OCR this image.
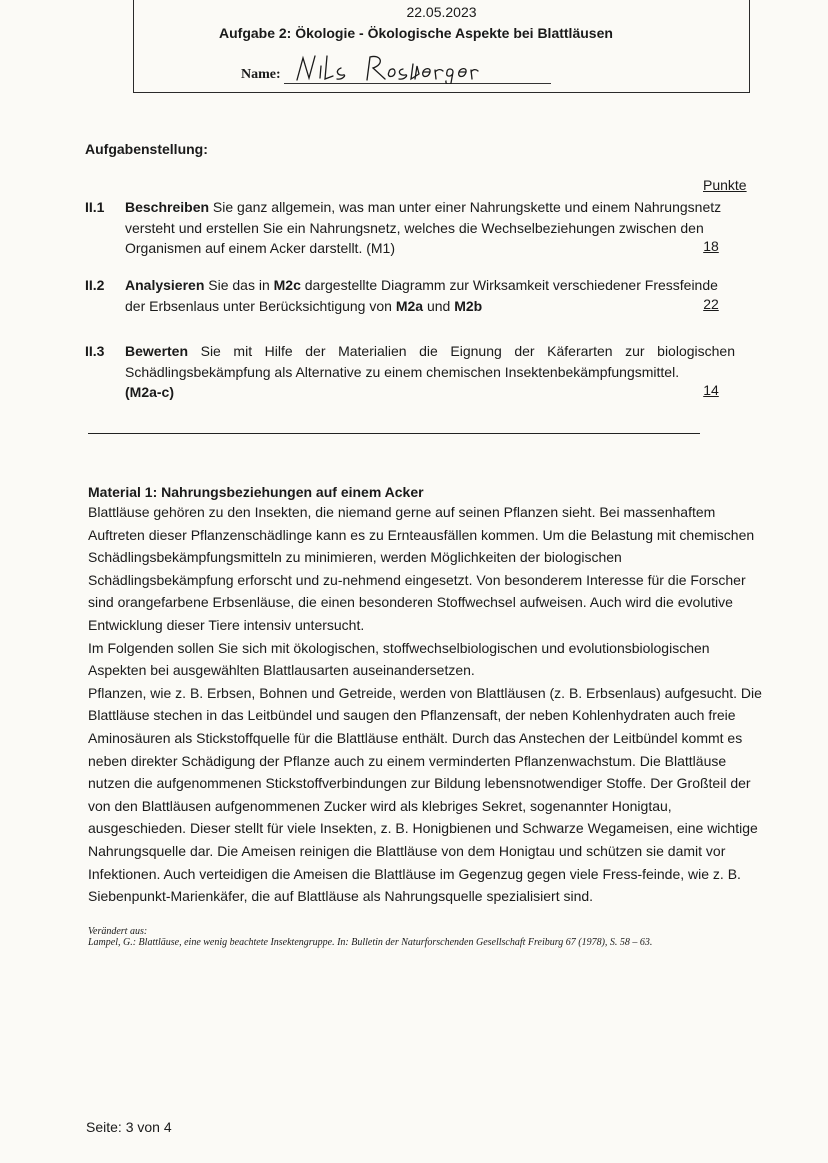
22.05.2023
Aufgabe 2: Ökologie - Ökologische Aspekte bei Blattläusen
Name:
Aufgabenstellung:
Punkte
II.1 Beschreiben Sie ganz allgemein, was man unter einer Nahrungskette und einem Nahrungsnetz
versteht und erstellen Sie ein Nahrungsnetz, welches die Wechselbeziehungen zwischen den
Organismen auf einem Acker darstellt. (M1)	18
II.2 Analysieren Sie das in M2c dargestellte Diagramm zur Wirksamkeit verschiedener Fressfeinde
der Erbsenlaus unter Berücksichtigung von M2a und M2b	22
II.3 Bewerten Sie mit Hilfe der Materialien die Eignung der Käferarten zur biologischen Schädlingsbekämpfung als Alternative zu einem chemischen Insektenbekämpfungsmittel.
(M2a-c)	14
Material 1: Nahrungsbeziehungen auf einem Acker

Blattläuse gehören zu den Insekten, die niemand gerne auf seinen Pflanzen sieht. Bei massenhaftem Auftreten dieser Pflanzenschädlinge kann es zu Ernteausfällen kommen. Um die Belastung mit chemischen Schädlingsbekämpfungsmitteln zu minimieren, werden Möglichkeiten der biologischen Schädlingsbekämpfung erforscht und zu-nehmend eingesetzt. Von besonderem Interesse für die Forscher sind orangefarbene Erbsenläuse, die einen besonderen Stoffwechsel aufweisen. Auch wird die evolutive Entwicklung dieser Tiere intensiv untersucht.

Im Folgenden sollen Sie sich mit ökologischen, stoffwechselbiologischen und evolutionsbiologischen Aspekten bei ausgewählten Blattlausarten auseinandersetzen.

Pflanzen, wie z. B. Erbsen, Bohnen und Getreide, werden von Blattläusen (z. B. Erbsenlaus) aufgesucht. Die Blattläuse stechen in das Leitbündel und saugen den Pflanzensaft, der neben Kohlenhydraten auch freie Aminosäuren als Stickstoffquelle für die Blattläuse enthält. Durch das Anstechen der Leitbündel kommt es neben direkter Schädigung der Pflanze auch zu einem verminderten Pflanzenwachstum. Die Blattläuse nutzen die aufgenommenen Stickstoffverbindungen zur Bildung lebensnotwendiger Stoffe. Der Großteil der von den Blattläusen aufgenommenen Zucker wird als klebriges Sekret, sogenannter Honigtau, ausgeschieden. Dieser stellt für viele Insekten, z. B. Honigbienen und Schwarze Wegameisen, eine wichtige Nahrungsquelle dar. Die Ameisen reinigen die Blattläuse von dem Honigtau und schützen sie damit vor Infektionen. Auch verteidigen die Ameisen die Blattläuse im Gegenzug gegen viele Fress-feinde, wie z. B. Siebenpunkt-Marienkäfer, die auf Blattläuse als Nahrungsquelle spezialisiert sind.

Verändert aus:
Lampel, G.: Blattläuse, eine wenig beachtete Insektengruppe. In: Bulletin der Naturforschenden Gesellschaft Freiburg 67 (1978), S. 58 – 63.
Seite: 3 von 4
